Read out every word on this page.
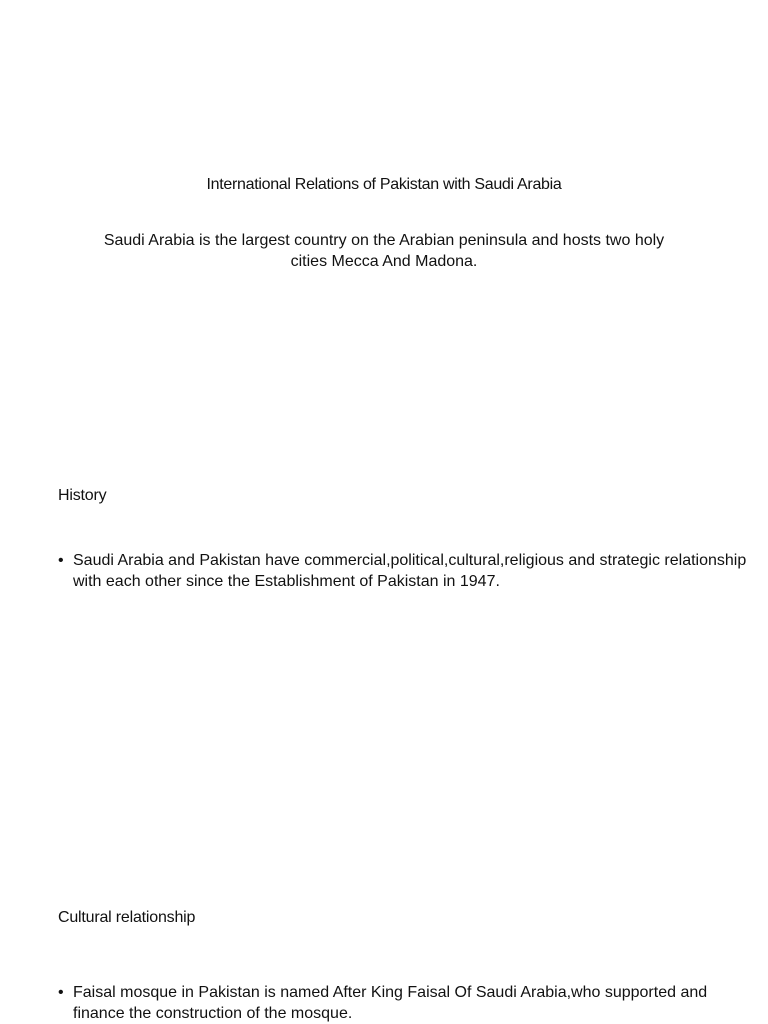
International Relations of Pakistan with Saudi Arabia
Saudi Arabia is the largest country on the Arabian peninsula and hosts two holy cities Mecca And Madona.
History
• Saudi Arabia and Pakistan have commercial,political,cultural,religious and strategic relationship with each other since the Establishment of Pakistan in 1947.
Cultural relationship
• Faisal mosque in Pakistan is named After King Faisal Of Saudi Arabia,who supported and finance the construction of the mosque.
